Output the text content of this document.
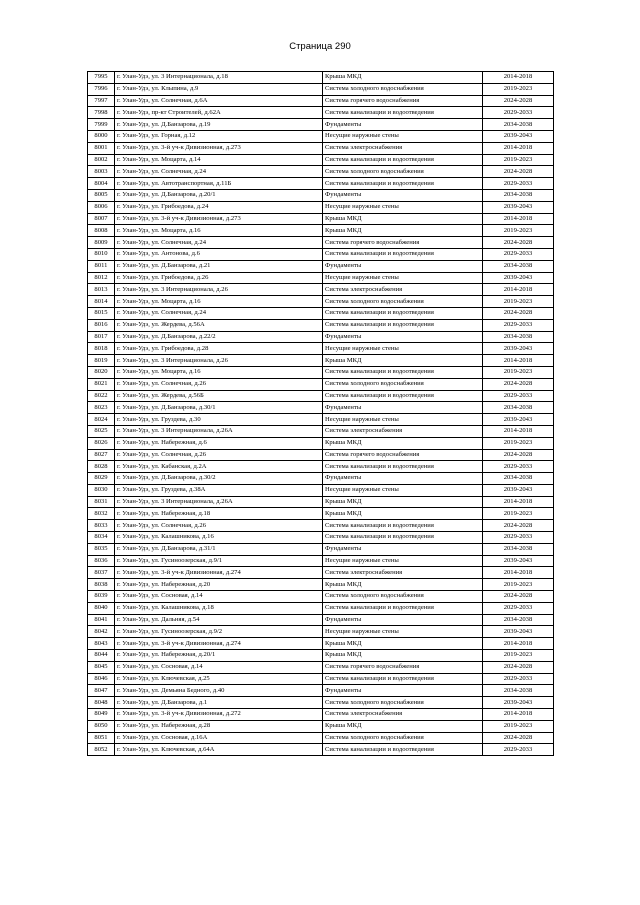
Страница 290
7995	г. Улан-Удэ, ул. 3 Интернационала, д.18	Крыша МКД	2014-2018
7996	г. Улан-Удэ, ул. Клыпина, д.9	Система холодного водоснабжения	2019-2023
7997	г. Улан-Удэ, ул. Солнечная, д.6А	Система горячего водоснабжения	2024-2028
7998	г. Улан-Удэ, пр-кт Строителей, д.62А	Система канализации и водоотведения	2029-2033
7999	г. Улан-Удэ, ул. Д.Банзарова, д.19	Фундаменты	2034-2038
8000	г. Улан-Удэ, ул. Горная, д.12	Несущие наружные стены	2039-2043
8001	г. Улан-Удэ, ул. 3-й уч-к Дивизионная, д.273	Система электроснабжения	2014-2018
8002	г. Улан-Удэ, ул. Моцарта, д.14	Система канализации и водоотведения	2019-2023
8003	г. Улан-Удэ, ул. Солнечная, д.24	Система холодного водоснабжения	2024-2028
8004	г. Улан-Удэ, ул. Автотранспортная, д.11Б	Система канализации и водоотведения	2029-2033
8005	г. Улан-Удэ, ул. Д.Банзарова, д.20/1	Фундаменты	2034-2038
8006	г. Улан-Удэ, ул. Грибоедова, д.24	Несущие наружные стены	2039-2043
8007	г. Улан-Удэ, ул. 3-й уч-к Дивизионная, д.273	Крыша МКД	2014-2018
8008	г. Улан-Удэ, ул. Моцарта, д.16	Крыша МКД	2019-2023
8009	г. Улан-Удэ, ул. Солнечная, д.24	Система горячего водоснабжения	2024-2028
8010	г. Улан-Удэ, ул. Антонова, д.6	Система канализации и водоотведения	2029-2033
8011	г. Улан-Удэ, ул. Д.Банзарова, д.21	Фундаменты	2034-2038
8012	г. Улан-Удэ, ул. Грибоедова, д.26	Несущие наружные стены	2039-2043
8013	г. Улан-Удэ, ул. 3 Интернационала, д.26	Система электроснабжения	2014-2018
8014	г. Улан-Удэ, ул. Моцарта, д.16	Система холодного водоснабжения	2019-2023
8015	г. Улан-Удэ, ул. Солнечная, д.24	Система канализации и водоотведения	2024-2028
8016	г. Улан-Удэ, ул. Жердева, д.56А	Система канализации и водоотведения	2029-2033
8017	г. Улан-Удэ, ул. Д.Банзарова, д.22/2	Фундаменты	2034-2038
8018	г. Улан-Удэ, ул. Грибоедова, д.28	Несущие наружные стены	2039-2043
8019	г. Улан-Удэ, ул. 3 Интернационала, д.26	Крыша МКД	2014-2018
8020	г. Улан-Удэ, ул. Моцарта, д.16	Система канализации и водоотведения	2019-2023
8021	г. Улан-Удэ, ул. Солнечная, д.26	Система холодного водоснабжения	2024-2028
8022	г. Улан-Удэ, ул. Жердева, д.56Б	Система канализации и водоотведения	2029-2033
8023	г. Улан-Удэ, ул. Д.Банзарова, д.30/1	Фундаменты	2034-2038
8024	г. Улан-Удэ, ул. Груздева, д.30	Несущие наружные стены	2039-2043
8025	г. Улан-Удэ, ул. 3 Интернационала, д.26А	Система электроснабжения	2014-2018
8026	г. Улан-Удэ, ул. Набережная, д.6	Крыша МКД	2019-2023
8027	г. Улан-Удэ, ул. Солнечная, д.26	Система горячего водоснабжения	2024-2028
8028	г. Улан-Удэ, ул. Кабанская, д.2А	Система канализации и водоотведения	2029-2033
8029	г. Улан-Удэ, ул. Д.Банзарова, д.30/2	Фундаменты	2034-2038
8030	г. Улан-Удэ, ул. Груздева, д.38А	Несущие наружные стены	2039-2043
8031	г. Улан-Удэ, ул. 3 Интернационала, д.26А	Крыша МКД	2014-2018
8032	г. Улан-Удэ, ул. Набережная, д.18	Крыша МКД	2019-2023
8033	г. Улан-Удэ, ул. Солнечная, д.26	Система канализации и водоотведения	2024-2028
8034	г. Улан-Удэ, ул. Калашникова, д.16	Система канализации и водоотведения	2029-2033
8035	г. Улан-Удэ, ул. Д.Банзарова, д.31/1	Фундаменты	2034-2038
8036	г. Улан-Удэ, ул. Гусиноозерская, д.9/1	Несущие наружные стены	2039-2043
8037	г. Улан-Удэ, ул. 3-й уч-к Дивизионная, д.274	Система электроснабжения	2014-2018
8038	г. Улан-Удэ, ул. Набережная, д.20	Крыша МКД	2019-2023
8039	г. Улан-Удэ, ул. Сосновая, д.14	Система холодного водоснабжения	2024-2028
8040	г. Улан-Удэ, ул. Калашникова, д.18	Система канализации и водоотведения	2029-2033
8041	г. Улан-Удэ, ул. Дальняя, д.54	Фундаменты	2034-2038
8042	г. Улан-Удэ, ул. Гусиноозерская, д.9/2	Несущие наружные стены	2039-2043
8043	г. Улан-Удэ, ул. 3-й уч-к Дивизионная, д.274	Крыша МКД	2014-2018
8044	г. Улан-Удэ, ул. Набережная, д.20/1	Крыша МКД	2019-2023
8045	г. Улан-Удэ, ул. Сосновая, д.14	Система горячего водоснабжения	2024-2028
8046	г. Улан-Удэ, ул. Ключевская, д.25	Система канализации и водоотведения	2029-2033
8047	г. Улан-Удэ, ул. Демьяна Бедного, д.40	Фундаменты	2034-2038
8048	г. Улан-Удэ, ул. Д.Банзарова, д.1	Система холодного водоснабжения	2039-2043
8049	г. Улан-Удэ, ул. 3-й уч-к Дивизионная, д.272	Система электроснабжения	2014-2018
8050	г. Улан-Удэ, ул. Набережная, д.28	Крыша МКД	2019-2023
8051	г. Улан-Удэ, ул. Сосновая, д.16А	Система холодного водоснабжения	2024-2028
8052	г. Улан-Удэ, ул. Ключевская, д.64А	Система канализации и водоотведения	2029-2033
